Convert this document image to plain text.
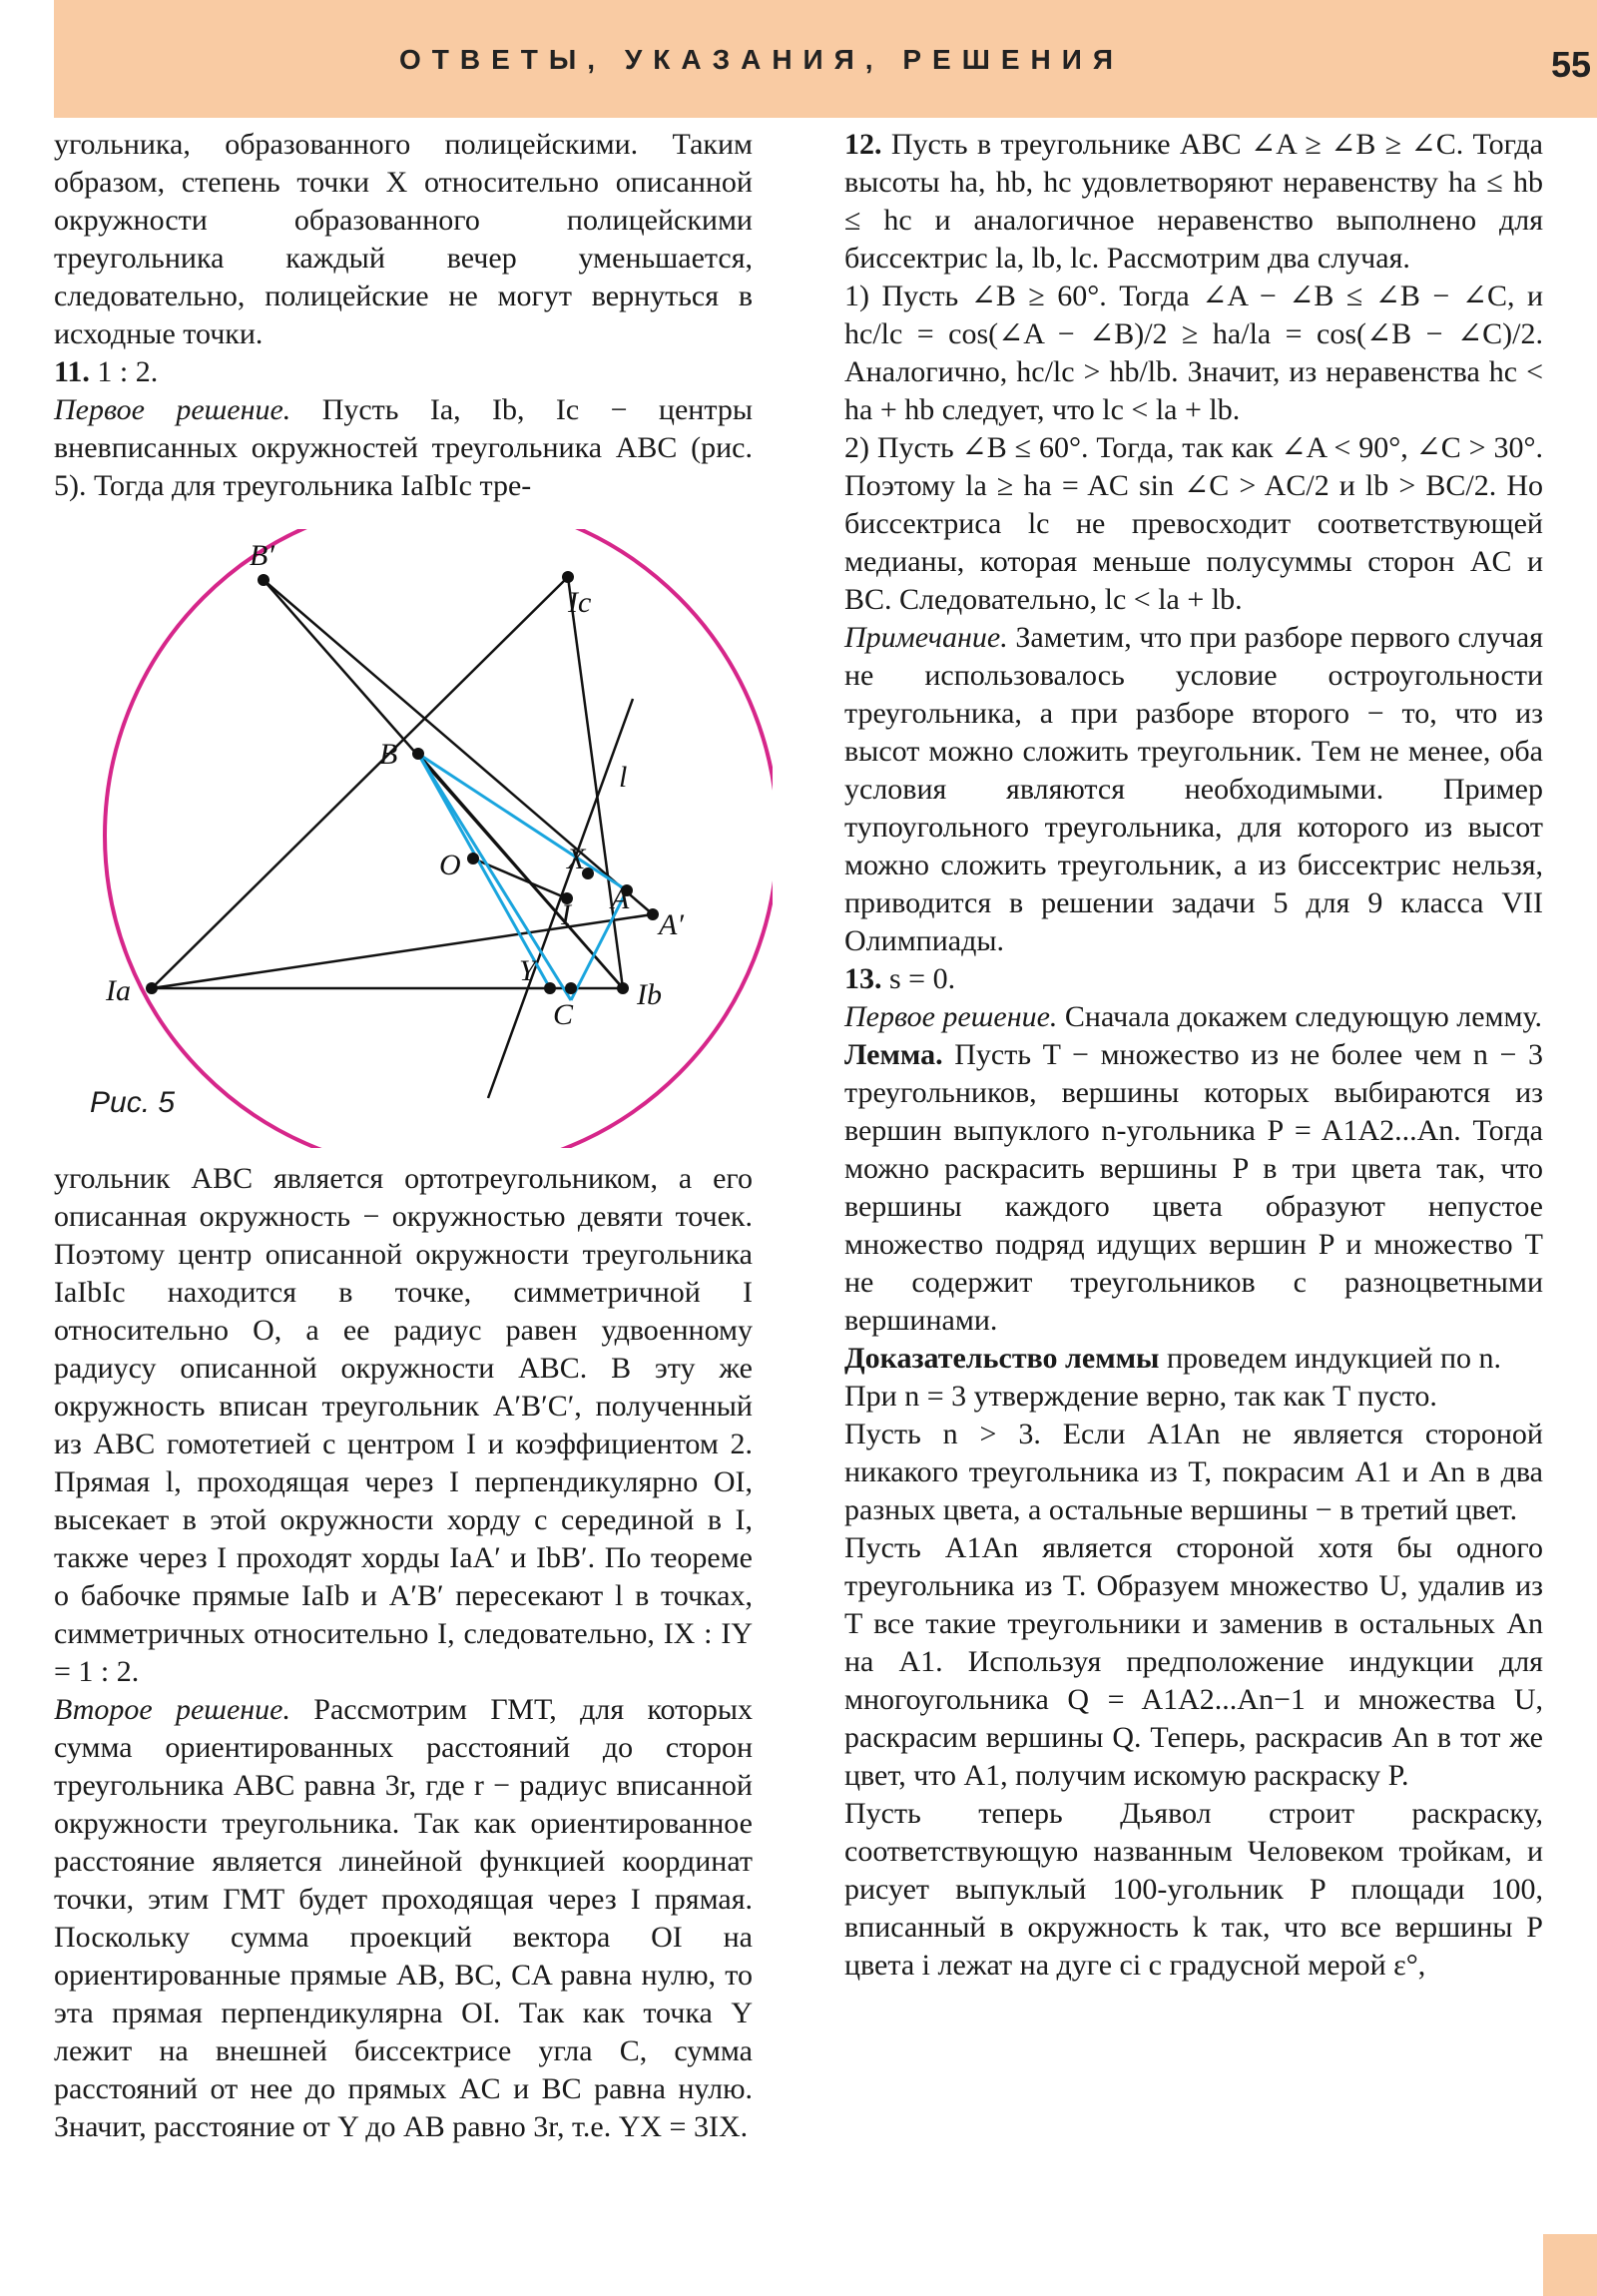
ОТВЕТЫ, УКАЗАНИЯ, РЕШЕНИЯ	55

угольника, образованного полицейскими. Таким образом, степень точки X относительно описанной окружности образованного полицейскими треугольника каждый вечер уменьшается, следовательно, полицейские не могут вернуться в исходные точки.

11. 1 : 2.

Первое решение. Пусть Ia, Ib, Ic − центры вневписанных окружностей треугольника ABC (рис. 5). Тогда для треугольника IaIbIc тре-

B′
Ic
B
l
O	X
A
A′
I
Y
Ia
C
Ib
Рис. 5

угольник ABC является ортотреугольником, а его описанная окружность − окружностью девяти точек. Поэтому центр описанной окружности треугольника IaIbIc находится в точке, симметричной I относительно O, а ее радиус равен удвоенному радиусу описанной окружности ABC. В эту же окружность вписан треугольник A′B′C′, полученный из ABC гомотетией с центром I и коэффициентом 2. Прямая l, проходящая через I перпендикулярно OI, высекает в этой окружности хорду с серединой в I, также через I проходят хорды IaA′ и IbB′. По теореме о бабочке прямые IaIb и A′B′ пересекают l в точках, симметричных относительно I, следовательно, IX : IY = 1 : 2.

Второе решение. Рассмотрим ГМТ, для которых сумма ориентированных расстояний до сторон треугольника ABC равна 3r, где r − радиус вписанной окружности треугольника. Так как ориентированное расстояние является линейной функцией координат точки, этим ГМТ будет проходящая через I прямая. Поскольку сумма проекций вектора OI на ориентированные прямые AB, BC, CA равна нулю, то эта прямая перпендикулярна OI. Так как точка Y лежит на внешней биссектрисе угла C, сумма расстояний от нее до прямых AC и BC равна нулю. Значит, расстояние от Y до AB равно 3r, т.е. YX = 3IX.

12. Пусть в треугольнике ABC ∠A ≥ ∠B ≥ ∠C. Тогда высоты ha, hb, hc удовлетворяют неравенству ha ≤ hb ≤ hc и аналогичное неравенство выполнено для биссектрис la, lb, lc. Рассмотрим два случая.

1) Пусть ∠B ≥ 60°. Тогда ∠A − ∠B ≤ ∠B − ∠C, и hc/lc = cos(∠A − ∠B)/2 ≥ ha/la = cos(∠B − ∠C)/2. Аналогично, hc/lc > hb/lb. Значит, из неравенства hc < ha + hb следует, что lc < la + lb.

2) Пусть ∠B ≤ 60°. Тогда, так как ∠A < 90°, ∠C > 30°. Поэтому la ≥ ha = AC sin ∠C > AC/2 и lb > BC/2. Но биссектриса lc не превосходит соответствующей медианы, которая меньше полусуммы сторон AC и BC. Следовательно, lc < la + lb.

Примечание. Заметим, что при разборе первого случая не использовалось условие остроугольности треугольника, а при разборе второго − то, что из высот можно сложить треугольник. Тем не менее, оба условия являются необходимыми. Пример тупоугольного треугольника, для которого из высот можно сложить треугольник, а из биссектрис нельзя, приводится в решении задачи 5 для 9 класса VII Олимпиады.

13. s = 0.

Первое решение. Сначала докажем следующую лемму.

Лемма. Пусть T − множество из не более чем n − 3 треугольников, вершины которых выбираются из вершин выпуклого n-угольника P = A1A2...An. Тогда можно раскрасить вершины P в три цвета так, что вершины каждого цвета образуют непустое множество подряд идущих вершин P и множество T не содержит треугольников с разноцветными вершинами.

Доказательство леммы проведем индукцией по n.

При n = 3 утверждение верно, так как T пусто.

Пусть n > 3. Если A1An не является стороной никакого треугольника из T, покрасим A1 и An в два разных цвета, а остальные вершины − в третий цвет.

Пусть A1An является стороной хотя бы одного треугольника из T. Образуем множество U, удалив из T все такие треугольники и заменив в остальных An на A1. Используя предположение индукции для многоугольника Q = A1A2...An−1 и множества U, раскрасим вершины Q. Теперь, раскрасив An в тот же цвет, что A1, получим искомую раскраску P.

Пусть теперь Дьявол строит раскраску, соответствующую названным Человеком тройкам, и рисует выпуклый 100-угольник P площади 100, вписанный в окружность k так, что все вершины P цвета i лежат на дуге ci с градусной мерой ε°,
